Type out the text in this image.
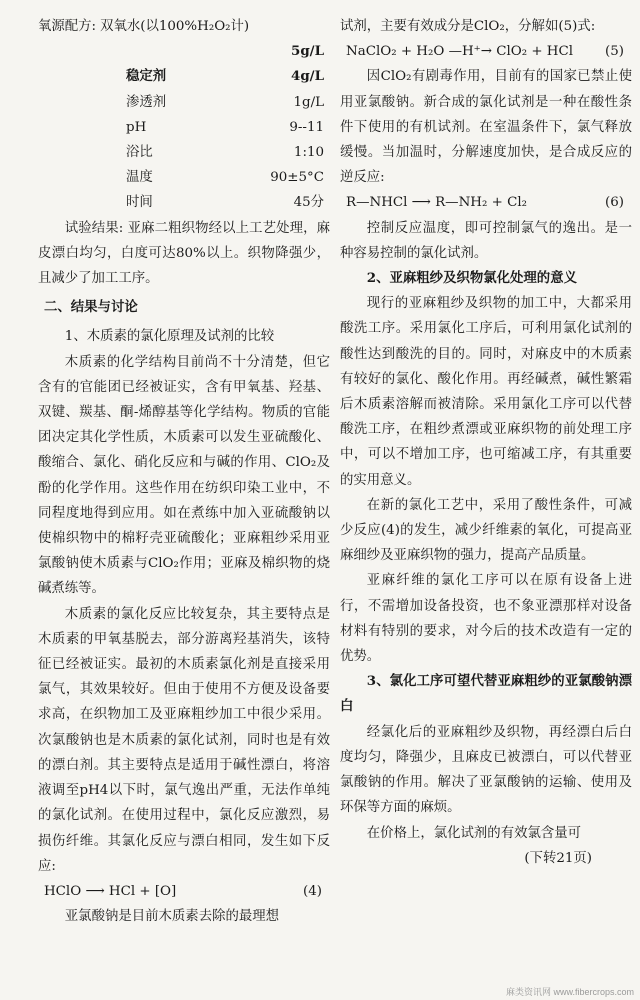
氧源配方: 双氧水(以100%H₂O₂计)
5g/L
稳定剂	4g/L
渗透剂	1g/L
pH	9--11
浴比	1:10
温度	90±5°C
时间	45分

试验结果: 亚麻二粗织物经以上工艺处理，麻皮漂白均匀，白度可达80%以上。织物降强少，且减少了加工工序。

二、结果与讨论

1、木质素的氯化原理及试剂的比较

木质素的化学结构目前尚不十分清楚，但它含有的官能团已经被证实，含有甲氧基、羟基、双键、羰基、酮-烯醇基等化学结构。物质的官能团决定其化学性质，木质素可以发生亚硫酸化、酸缩合、氯化、硝化反应和与碱的作用、ClO₂及酚的化学作用。这些作用在纺织印染工业中，不同程度地得到应用。如在煮练中加入亚硫酸钠以使棉织物中的棉籽壳亚硫酸化；亚麻粗纱采用亚氯酸钠使木质素与ClO₂作用；亚麻及棉织物的烧碱煮练等。

木质素的氯化反应比较复杂，其主要特点是木质素的甲氧基脱去，部分游离羟基消失，该特征已经被证实。最初的木质素氯化剂是直接采用氯气，其效果较好。但由于使用不方便及设备要求高，在织物加工及亚麻粗纱加工中很少采用。次氯酸钠也是木质素的氯化试剂，同时也是有效的漂白剂。其主要特点是适用于碱性漂白，将溶液调至pH4以下时，氯气逸出严重，无法作单纯的氯化试剂。在使用过程中，氯化反应激烈，易损伤纤维。其氯化反应与漂白相同，发生如下反应:

HClO ⟶ HCl + [O]	(4)

亚氯酸钠是目前木质素去除的最理想

试剂，主要有效成分是ClO₂，分解如(5)式:

NaClO₂ + H₂O —H⁺→ ClO₂ + HCl (5)

因ClO₂有剧毒作用，目前有的国家已禁止使用亚氯酸钠。新合成的氯化试剂是一种在酸性条件下使用的有机试剂。在室温条件下，氯气释放缓慢。当加温时，分解速度加快，是合成反应的逆反应:

R—NHCl ⟶ R—NH₂ + Cl₂	(6)

控制反应温度，即可控制氯气的逸出。是一种容易控制的氯化试剂。

2、亚麻粗纱及织物氯化处理的意义

现行的亚麻粗纱及织物的加工中，大都采用酸洗工序。采用氯化工序后，可利用氯化试剂的酸性达到酸洗的目的。同时，对麻皮中的木质素有较好的氯化、酸化作用。再经碱煮，碱性繁霜后木质素溶解而被清除。采用氯化工序可以代替酸洗工序，在粗纱煮漂或亚麻织物的前处理工序中，可以不增加工序，也可缩减工序，有其重要的实用意义。

在新的氯化工艺中，采用了酸性条件，可减少反应(4)的发生，减少纤维素的氧化，可提高亚麻细纱及亚麻织物的强力，提高产品质量。

亚麻纤维的氯化工序可以在原有设备上进行，不需增加设备投资，也不象亚漂那样对设备材料有特别的要求，对今后的技术改造有一定的优势。

3、氯化工序可望代替亚麻粗纱的亚氯酸钠漂白

经氯化后的亚麻粗纱及织物，再经漂白后白度均匀，降强少，且麻皮已被漂白，可以代替亚氯酸钠的作用。解决了亚氯酸钠的运输、使用及环保等方面的麻烦。

在价格上，氯化试剂的有效氯含量可

(下转21页)
麻类资讯网 www.fibercrops.com
